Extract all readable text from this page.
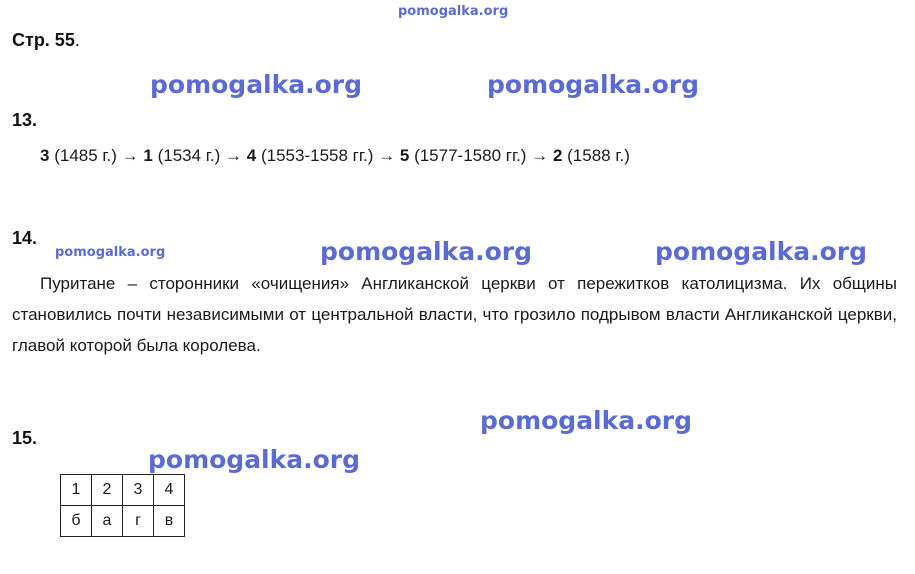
Стр. 55.
13.
3 (1485 г.) → 1 (1534 г.) → 4 (1553-1558 гг.) → 5 (1577-1580 гг.) → 2 (1588 г.)
14.
Пуритане – сторонники «очищения» Англиканской церкви от пережитков католицизма. Их общины становились почти независимыми от центральной власти, что грозило подрывом власти Англиканской церкви, главой которой была королева.
15.
1	2	3	4
б	а	г	в
pomogalka.org
pomogalka.org	pomogalka.org
pomogalka.org	pomogalka.org	pomogalka.org
pomogalka.org
pomogalka.org
